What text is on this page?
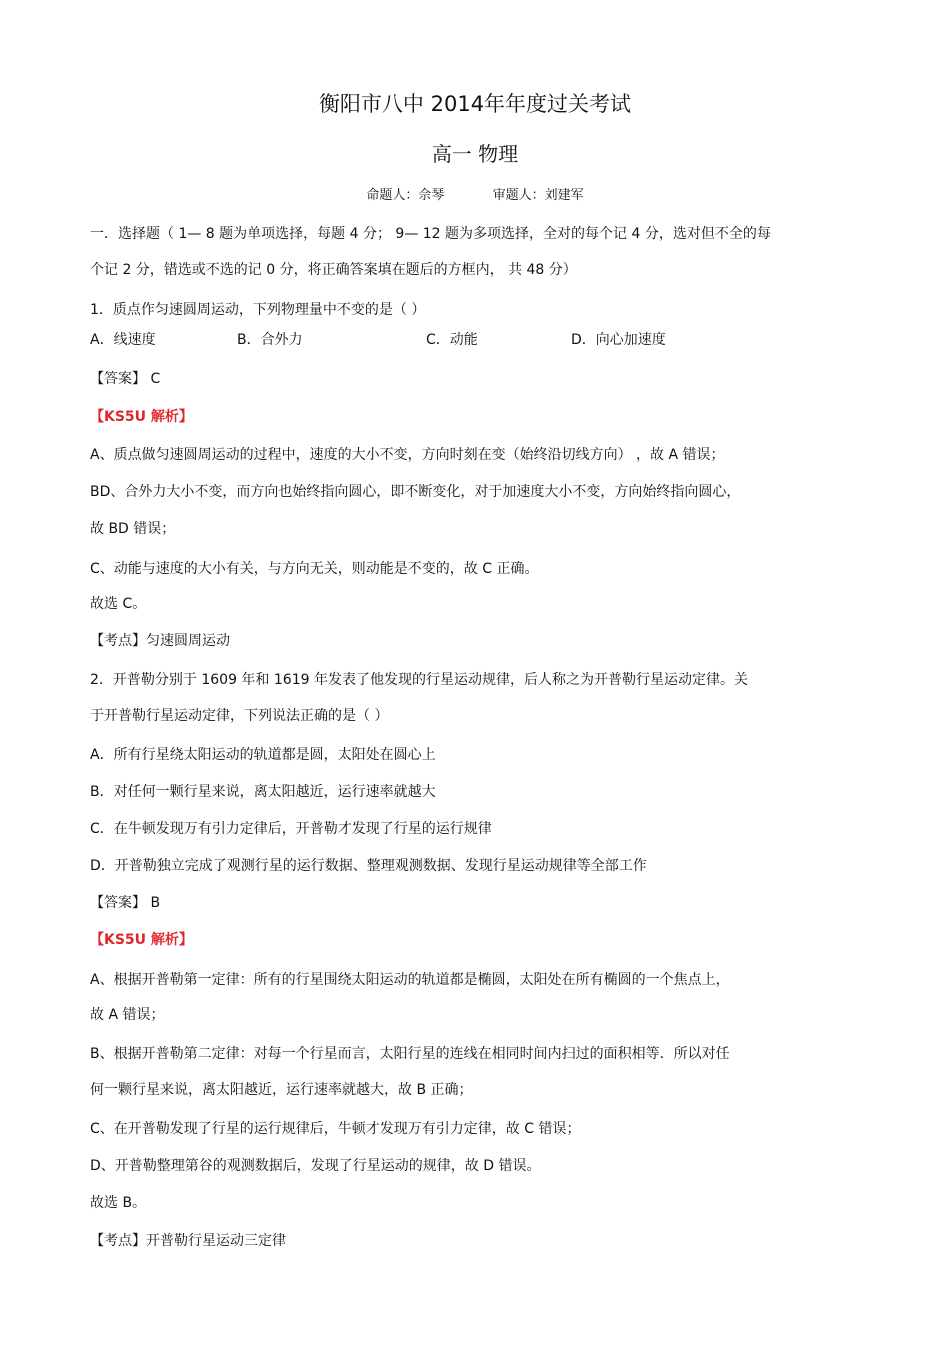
衡阳市八中 2014年年度过关考试
高一 物理
命题人：佘琴	审题人：刘建军
一．选择题（ 1— 8 题为单项选择，每题 4 分； 9— 12 题为多项选择，全对的每个记 4 分，选对但不全的每
个记 2 分，错选或不选的记 0 分，将正确答案填在题后的方框内， 共 48 分）
1．质点作匀速圆周运动，下列物理量中不变的是（ ）
A．线速度	B．合外力	C．动能	D．向心加速度
【答案】 C
【KS5U 解析】
A、质点做匀速圆周运动的过程中，速度的大小不变，方向时刻在变（始终沿切线方向） ，故 A 错误；
BD、合外力大小不变，而方向也始终指向圆心，即不断变化，对于加速度大小不变，方向始终指向圆心，
故 BD 错误；
C、动能与速度的大小有关，与方向无关，则动能是不变的，故 C 正确。
故选 C。
【考点】匀速圆周运动
2．开普勒分别于 1609 年和 1619 年发表了他发现的行星运动规律，后人称之为开普勒行星运动定律。关
于开普勒行星运动定律，下列说法正确的是（ ）
A．所有行星绕太阳运动的轨道都是圆，太阳处在圆心上
B．对任何一颗行星来说，离太阳越近，运行速率就越大
C．在牛顿发现万有引力定律后，开普勒才发现了行星的运行规律
D．开普勒独立完成了观测行星的运行数据、整理观测数据、发现行星运动规律等全部工作
【答案】 B
【KS5U 解析】
A、根据开普勒第一定律：所有的行星围绕太阳运动的轨道都是椭圆，太阳处在所有椭圆的一个焦点上，
故 A 错误；
B、根据开普勒第二定律：对每一个行星而言，太阳行星的连线在相同时间内扫过的面积相等．所以对任
何一颗行星来说，离太阳越近，运行速率就越大，故 B 正确；
C、在开普勒发现了行星的运行规律后，牛顿才发现万有引力定律，故 C 错误；
D、开普勒整理第谷的观测数据后，发现了行星运动的规律，故 D 错误。
故选 B。
【考点】开普勒行星运动三定律
